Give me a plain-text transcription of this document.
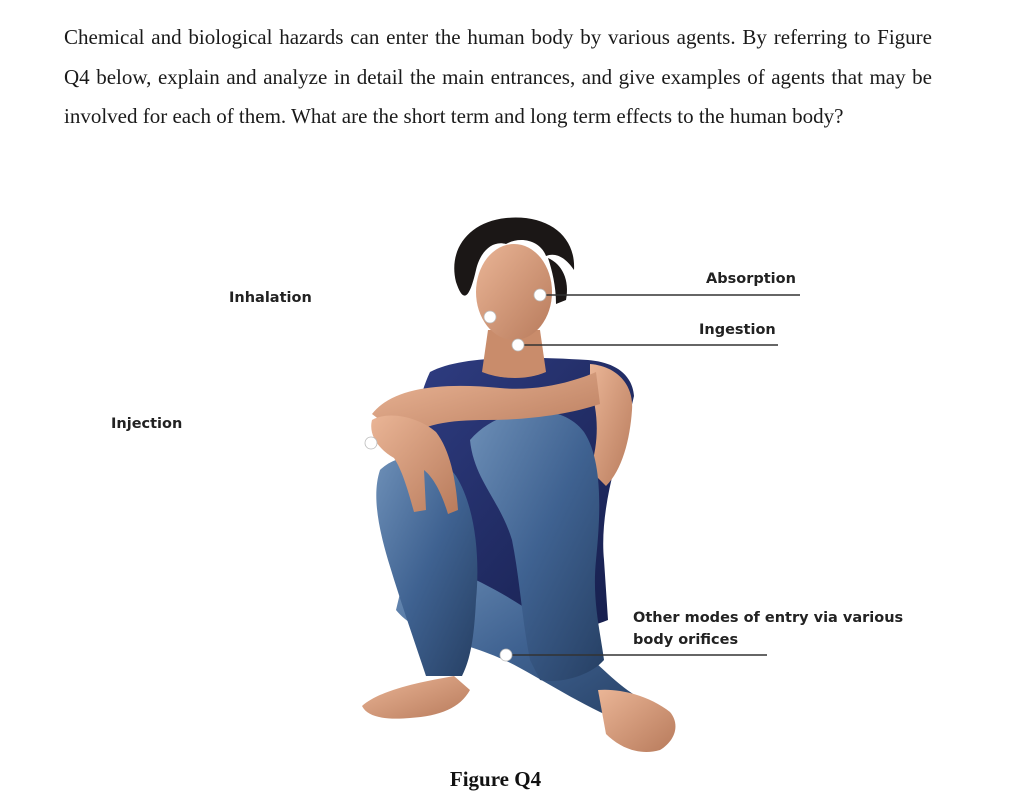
Chemical and biological hazards can enter the human body by various agents. By referring to Figure Q4 below, explain and analyze in detail the main entrances, and give examples of agents that may be involved for each of them. What are the short term and long term effects to the human body?

Absorption
Inhalation
Ingestion
Injection
Other modes of entry via various
body orifices
Figure Q4
